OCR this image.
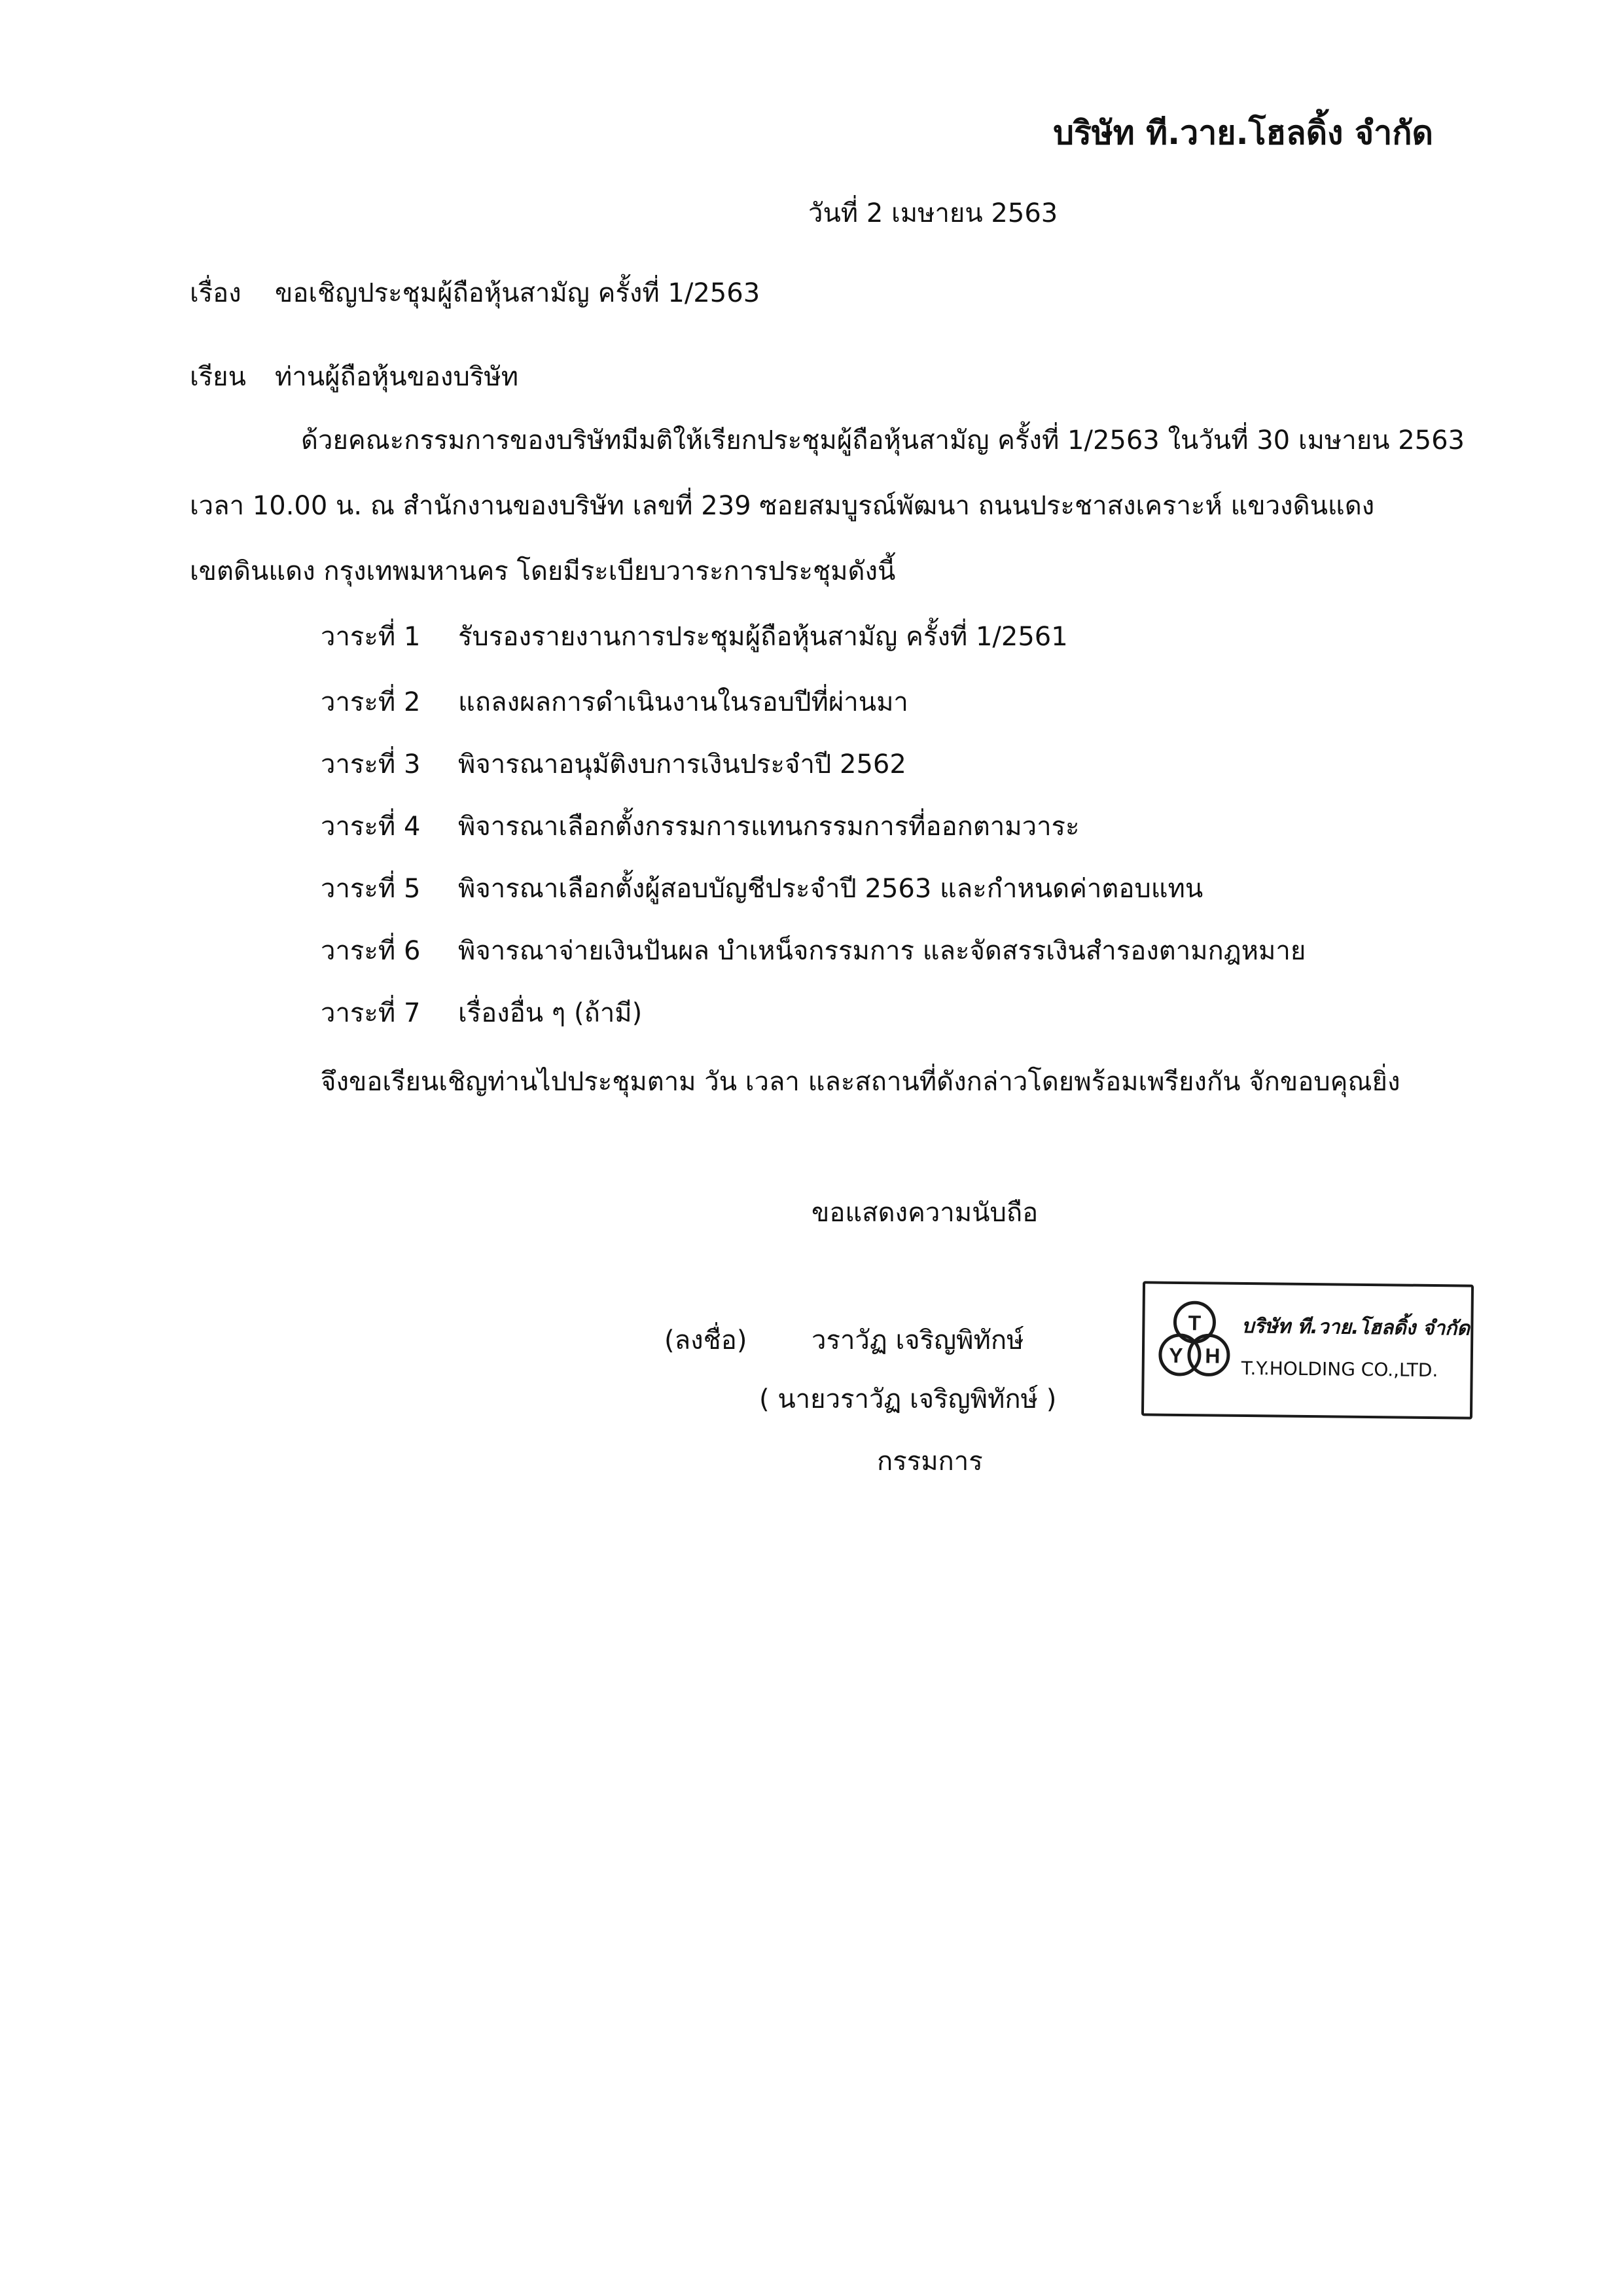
บริษัท ที.วาย.โฮลดิ้ง จำกัด
วันที่ 2 เมษายน 2563
เรื่อง ขอเชิญประชุมผู้ถือหุ้นสามัญ ครั้งที่ 1/2563
เรียน ท่านผู้ถือหุ้นของบริษัท
ด้วยคณะกรรมการของบริษัทมีมติให้เรียกประชุมผู้ถือหุ้นสามัญ ครั้งที่ 1/2563 ในวันที่ 30 เมษายน 2563
เวลา 10.00 น. ณ สำนักงานของบริษัท เลขที่ 239 ซอยสมบูรณ์พัฒนา ถนนประชาสงเคราะห์ แขวงดินแดง
เขตดินแดง กรุงเทพมหานคร โดยมีระเบียบวาระการประชุมดังนี้
วาระที่ 1 รับรองรายงานการประชุมผู้ถือหุ้นสามัญ ครั้งที่ 1/2561
วาระที่ 2 แถลงผลการดำเนินงานในรอบปีที่ผ่านมา
วาระที่ 3 พิจารณาอนุมัติงบการเงินประจำปี 2562
วาระที่ 4 พิจารณาเลือกตั้งกรรมการแทนกรรมการที่ออกตามวาระ
วาระที่ 5 พิจารณาเลือกตั้งผู้สอบบัญชีประจำปี 2563 และกำหนดค่าตอบแทน
วาระที่ 6 พิจารณาจ่ายเงินปันผล บำเหน็จกรรมการ และจัดสรรเงินสำรองตามกฎหมาย
วาระที่ 7 เรื่องอื่น ๆ (ถ้ามี)
จึงขอเรียนเชิญท่านไปประชุมตาม วัน เวลา และสถานที่ดังกล่าวโดยพร้อมเพรียงกัน จักขอบคุณยิ่ง
ขอแสดงความนับถือ
(ลงชื่อ) วราวัฏ เจริญพิทักษ์
( นายวราวัฏ เจริญพิทักษ์ )
กรรมการ
T
Y H
บริษัท ที.วาย.โฮลดิ้ง จำกัด
T.Y.HOLDING CO.,LTD.
